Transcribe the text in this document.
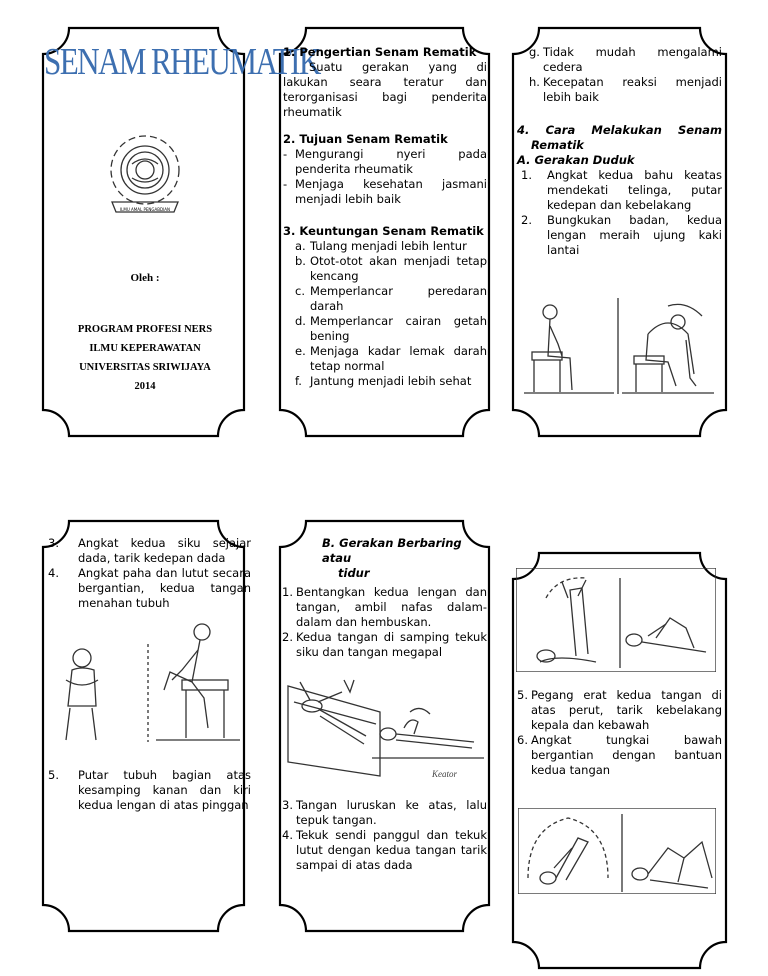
SENAM RHEUMATIK
ILMU AMAL PENGABDIAN
Oleh :
PROGRAM PROFESI NERS
ILMU KEPERAWATAN
UNIVERSITAS SRIWIJAYA
2014
1. Pengertian Senam Rematik
Suatu gerakan yang di lakukan seara teratur dan terorganisasi bagi penderita rheumatik
2. Tujuan Senam Rematik
- Mengurangi nyeri pada penderita rheumatik
- Menjaga kesehatan jasmani menjadi lebih baik
3. Keuntungan Senam Rematik
a. Tulang menjadi lebih lentur
b. Otot-otot akan menjadi tetap kencang
c. Memperlancar peredaran darah
d. Memperlancar cairan getah bening
e. Menjaga kadar lemak darah tetap normal
f. Jantung menjadi lebih sehat
g. Tidak mudah mengalami cedera
h. Kecepatan reaksi menjadi lebih baik
4. Cara Melakukan Senam
Rematik
A. Gerakan Duduk
1.	Angkat kedua bahu keatas mendekati telinga, putar kedepan dan kebelakang
2.	Bungkukan badan, kedua lengan meraih ujung kaki lantai
3.	Angkat kedua siku sejajar dada, tarik kedepan dada
4.	Angkat paha dan lutut secara bergantian, kedua tangan menahan tubuh
5.	Putar tubuh bagian atas kesamping kanan dan kiri kedua lengan di atas pinggan
B. Gerakan Berbaring atau
tidur
1. Bentangkan kedua lengan dan tangan, ambil nafas dalam-dalam dan hembuskan.
2. Kedua tangan di samping tekuk siku dan tangan megapal
Keator
3. Tangan luruskan ke atas, lalu tepuk tangan.
4. Tekuk sendi panggul dan tekuk lutut dengan kedua tangan tarik sampai di atas dada
5. Pegang erat kedua tangan di atas perut, tarik kebelakang kepala dan kebawah
6. Angkat tungkai bawah bergantian dengan bantuan kedua tangan
